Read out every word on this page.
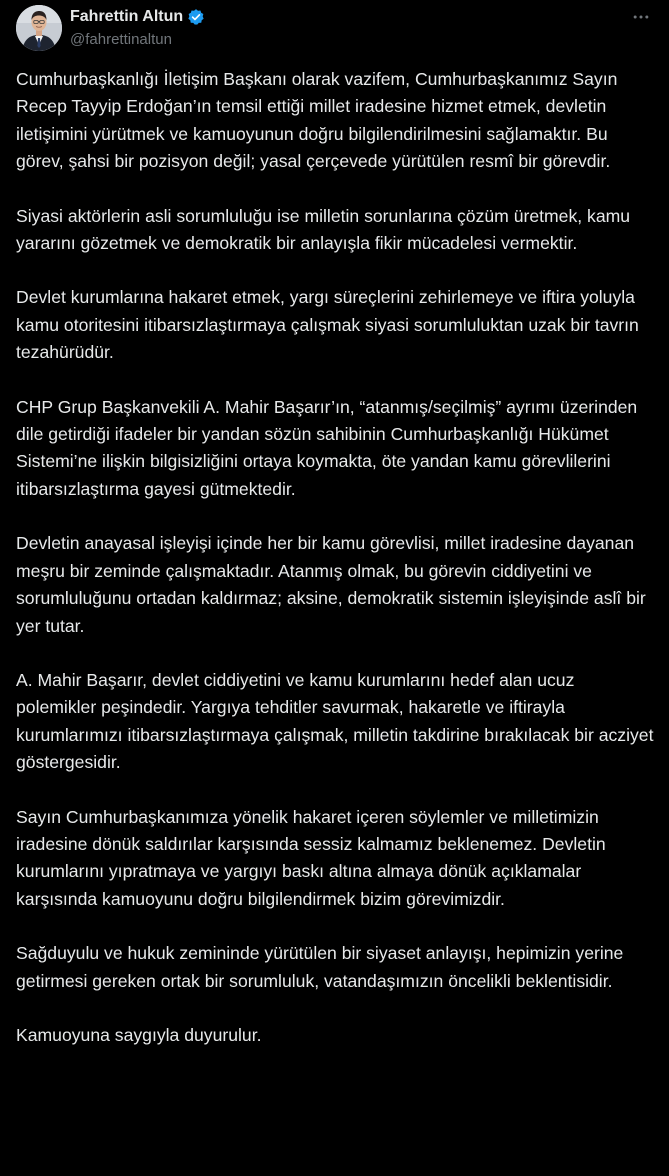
Fahrettin Altun
@fahrettinaltun

Cumhurbaşkanlığı İletişim Başkanı olarak vazifem, Cumhurbaşkanımız Sayın Recep Tayyip Erdoğan’ın temsil ettiği millet iradesine hizmet etmek, devletin iletişimini yürütmek ve kamuoyunun doğru bilgilendirilmesini sağlamaktır. Bu görev, şahsi bir pozisyon değil; yasal çerçevede yürütülen resmî bir görevdir.

Siyasi aktörlerin asli sorumluluğu ise milletin sorunlarına çözüm üretmek, kamu yararını gözetmek ve demokratik bir anlayışla fikir mücadelesi vermektir.

Devlet kurumlarına hakaret etmek, yargı süreçlerini zehirlemeye ve iftira yoluyla kamu otoritesini itibarsızlaştırmaya çalışmak siyasi sorumluluktan uzak bir tavrın tezahürüdür.

CHP Grup Başkanvekili A. Mahir Başarır’ın, “atanmış/seçilmiş” ayrımı üzerinden dile getirdiği ifadeler bir yandan sözün sahibinin Cumhurbaşkanlığı Hükümet Sistemi’ne ilişkin bilgisizliğini ortaya koymakta, öte yandan kamu görevlilerini itibarsızlaştırma gayesi gütmektedir.

Devletin anayasal işleyişi içinde her bir kamu görevlisi, millet iradesine dayanan meşru bir zeminde çalışmaktadır. Atanmış olmak, bu görevin ciddiyetini ve sorumluluğunu ortadan kaldırmaz; aksine, demokratik sistemin işleyişinde aslî bir yer tutar.

A. Mahir Başarır, devlet ciddiyetini ve kamu kurumlarını hedef alan ucuz polemikler peşindedir. Yargıya tehditler savurmak, hakaretle ve iftirayla kurumlarımızı itibarsızlaştırmaya çalışmak, milletin takdirine bırakılacak bir acziyet göstergesidir.

Sayın Cumhurbaşkanımıza yönelik hakaret içeren söylemler ve milletimizin iradesine dönük saldırılar karşısında sessiz kalmamız beklenemez. Devletin kurumlarını yıpratmaya ve yargıyı baskı altına almaya dönük açıklamalar karşısında kamuoyunu doğru bilgilendirmek bizim görevimizdir.

Sağduyulu ve hukuk zemininde yürütülen bir siyaset anlayışı, hepimizin yerine getirmesi gereken ortak bir sorumluluk, vatandaşımızın öncelikli beklentisidir.

Kamuoyuna saygıyla duyurulur.
